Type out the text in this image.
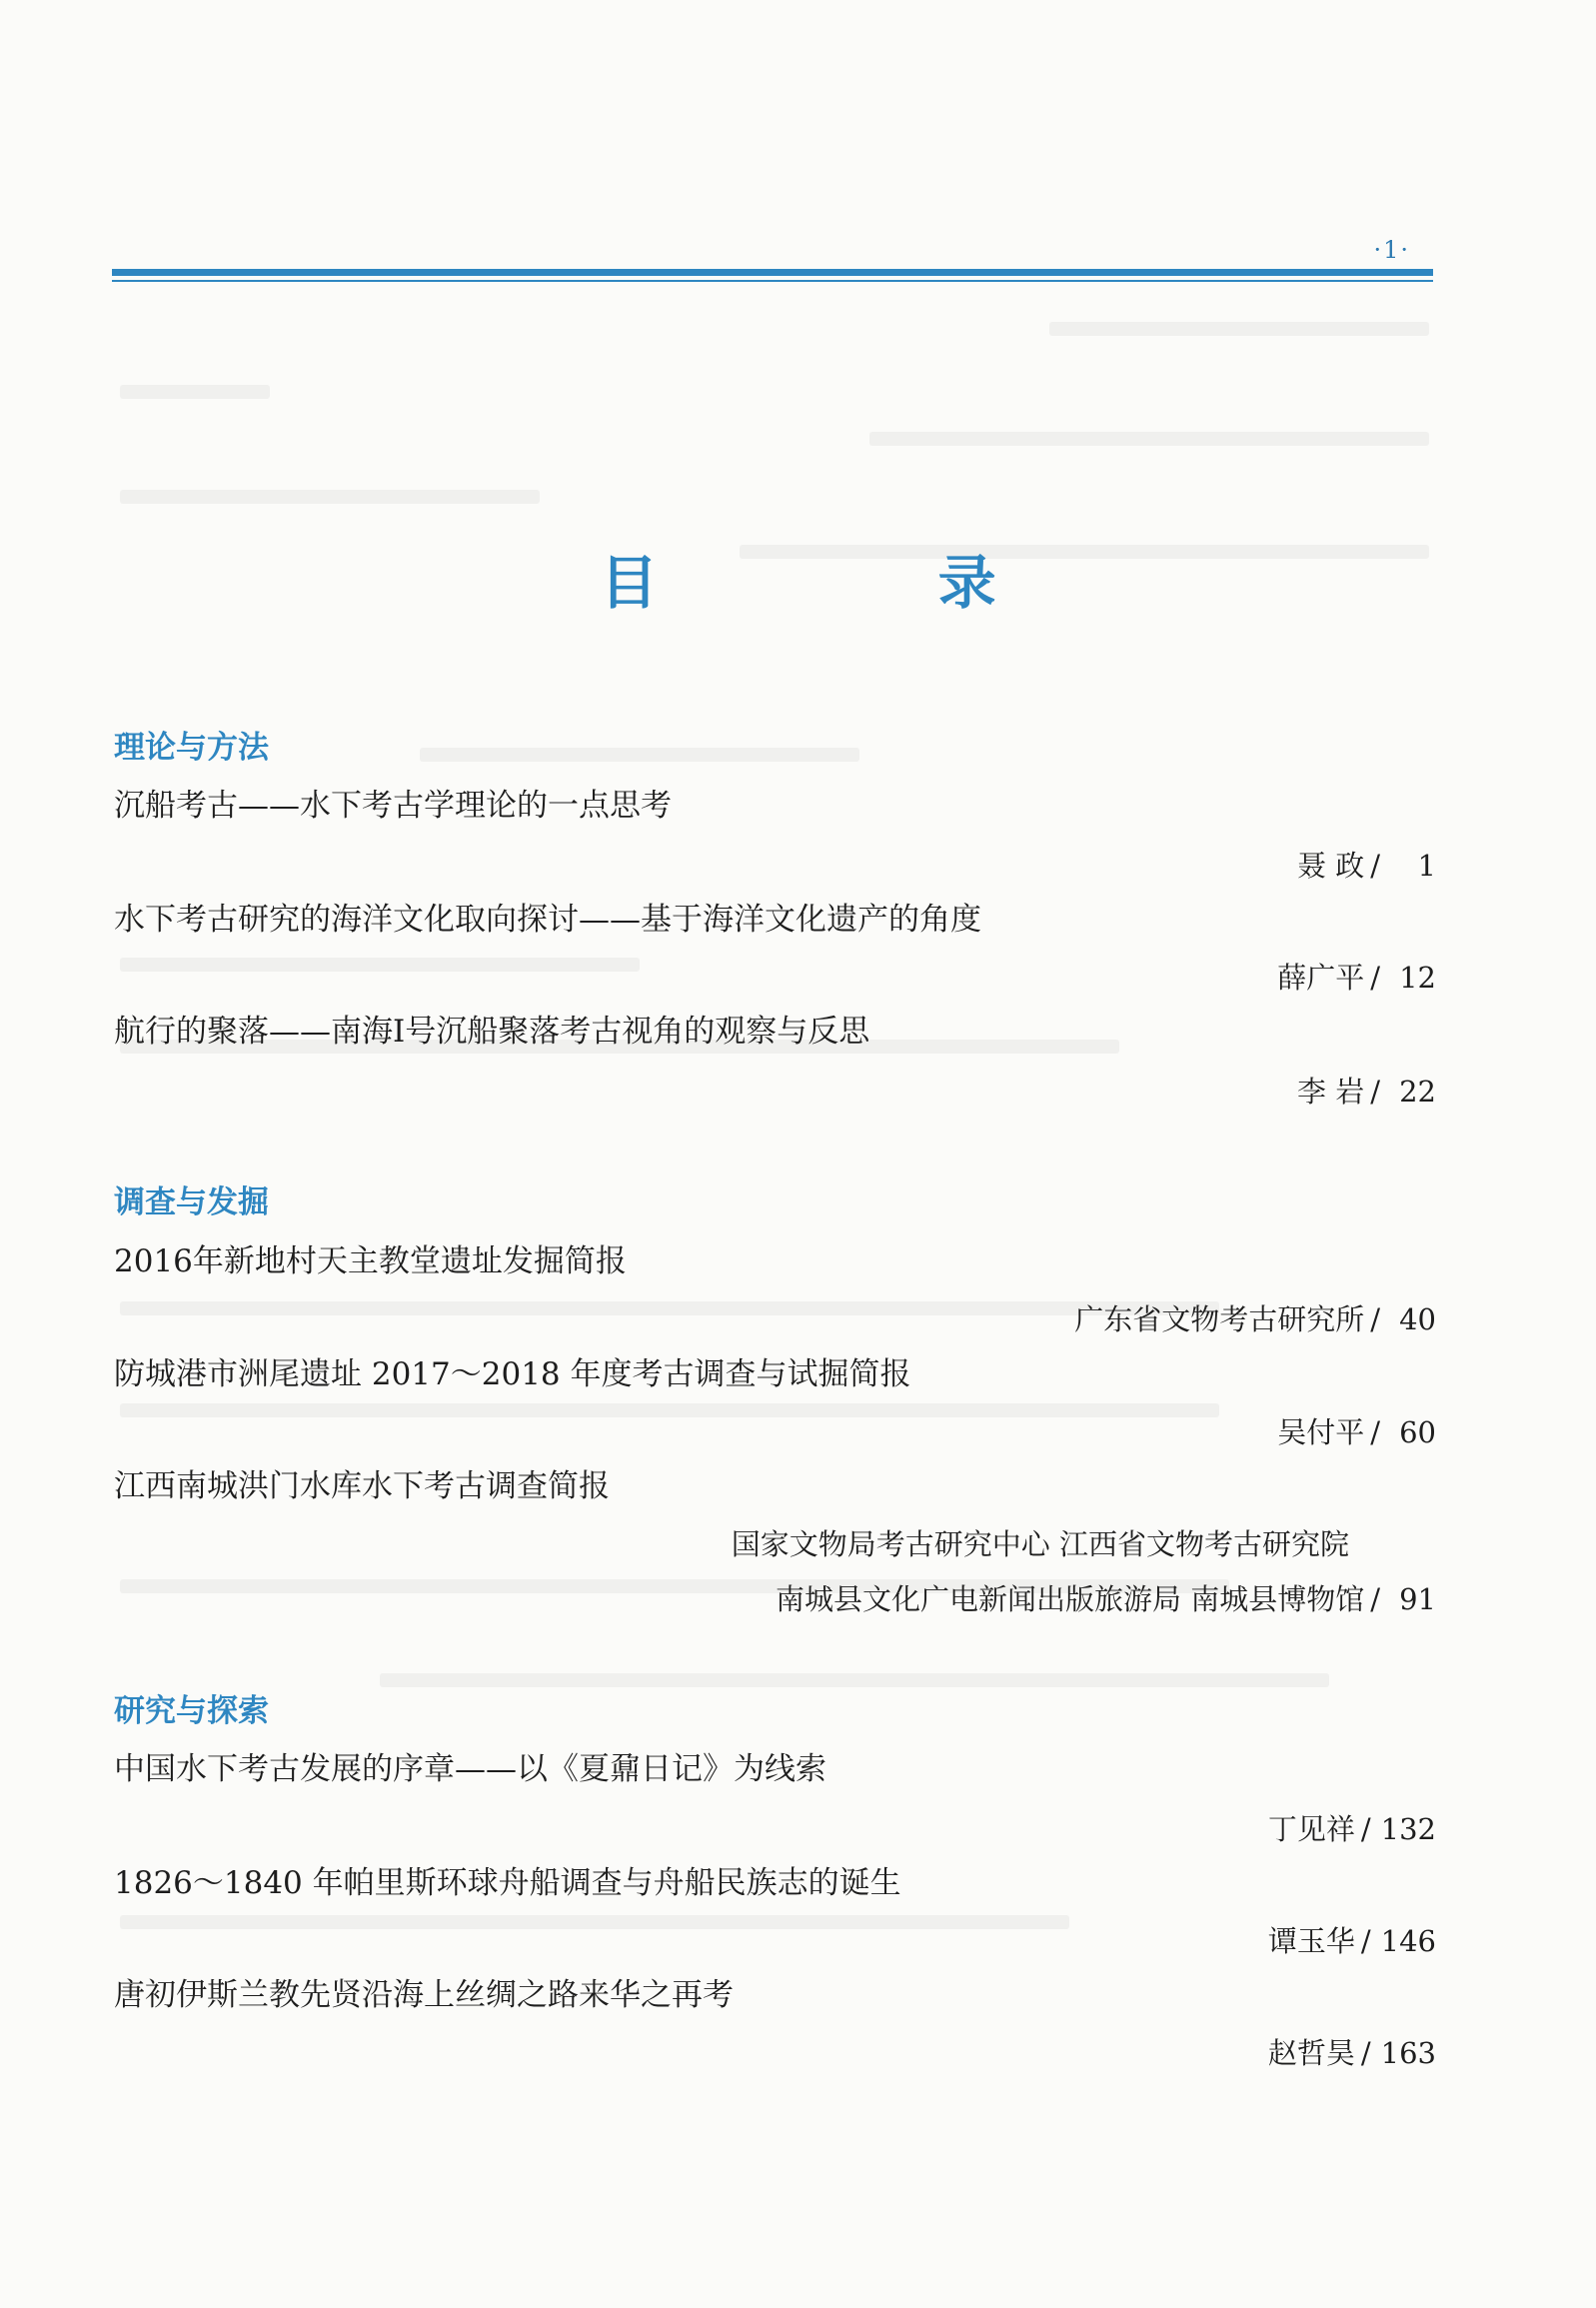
·1·
目 录
理论与方法
沉船考古——水下考古学理论的一点思考
聂 政 / 1
水下考古研究的海洋文化取向探讨——基于海洋文化遗产的角度
薛广平 / 12
航行的聚落——南海Ⅰ号沉船聚落考古视角的观察与反思
李 岩 / 22
调查与发掘
2016年新地村天主教堂遗址发掘简报
广东省文物考古研究所 / 40
防城港市洲尾遗址 2017～2018 年度考古调查与试掘简报
吴付平 / 60
江西南城洪门水库水下考古调查简报
国家文物局考古研究中心 江西省文物考古研究院
南城县文化广电新闻出版旅游局 南城县博物馆 / 91
研究与探索
中国水下考古发展的序章——以《夏鼐日记》为线索
丁见祥 / 132
1826～1840 年帕里斯环球舟船调查与舟船民族志的诞生
谭玉华 / 146
唐初伊斯兰教先贤沿海上丝绸之路来华之再考
赵哲昊 / 163
